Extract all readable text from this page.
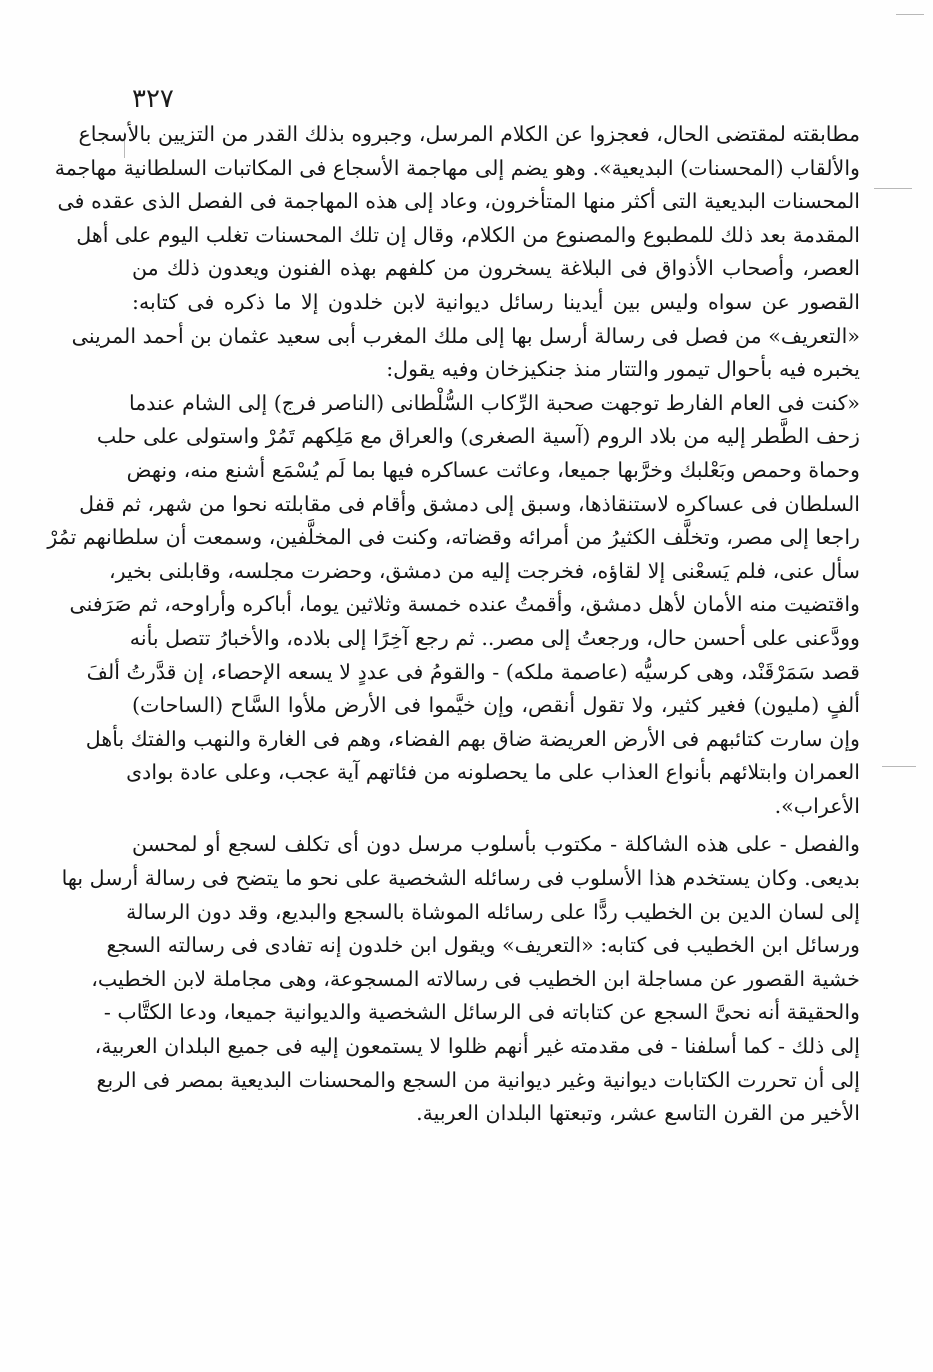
٣٢٧
مطابقته لمقتضى الحال، فعجزوا عن الكلام المرسل، وجبروه بذلك القدر من التزيين بالأسجاع
والألقاب (المحسنات) البديعية». وهو يضم إلى مهاجمة الأسجاع فى المكاتبات السلطانية مهاجمة
المحسنات البديعية التى أكثر منها المتأخرون، وعاد إلى هذه المهاجمة فى الفصل الذى عقده فى
المقدمة بعد ذلك للمطبوع والمصنوع من الكلام، وقال إن تلك المحسنات تغلب اليوم على أهل
العصر، وأصحاب الأذواق فى البلاغة يسخرون من كلفهم بهذه الفنون ويعدون ذلك من
القصور عن سواه وليس بين أيدينا رسائل ديوانية لابن خلدون إلا ما ذكره فى كتابه:
«التعريف» من فصل فى رسالة أرسل بها إلى ملك المغرب أبى سعيد عثمان بن أحمد المرينى
يخبره فيه بأحوال تيمور والتتار منذ جنكيزخان وفيه يقول:
«كنت فى العام الفارط توجهت صحبة الرِّكاب السُّلْطانى (الناصر فرج) إلى الشام عندما
زحف الطَّطر إليه من بلاد الروم (آسية الصغرى) والعراق مع مَلِكهم تَمُرْ واستولى على حلب
وحماة وحمص وبَعْلبك وخرَّبها جميعا، وعاثت عساكره فيها بما لَم يُسْمَع أشنع منه، ونهض
السلطان فى عساكره لاستنقاذها، وسبق إلى دمشق وأقام فى مقابلته نحوا من شهر، ثم قفل
راجعا إلى مصر، وتخلَّف الكثيرُ من أمرائه وقضاته، وكنت فى المخلَّفين، وسمعت أن سلطانهم تمُرْ
سأل عنى، فلم يَسعْنى إلا لقاؤه، فخرجت إليه من دمشق، وحضرت مجلسه، وقابلنى بخير،
واقتضيت منه الأمان لأهل دمشق، وأقمتُ عنده خمسة وثلاثين يوما، أباكره وأراوحه، ثم صَرَفنى
وودَّعنى على أحسن حال، ورجعتُ إلى مصر.. ثم رجع آخِرًا إلى بلاده، والأخبارُ تتصل بأنه
قصد سَمَرْقَنْد، وهى كرسيُّه (عاصمة ملكه) - والقومُ فى عددٍ لا يسعه الإحصاء، إن قدَّرتُ ألفَ
ألفٍ (مليون) فغير كثير، ولا تقول أنقص، وإن خيَّموا فى الأرض ملأوا السَّاح (الساحات)
وإن سارت كتائبهم فى الأرض العريضة ضاق بهم الفضاء، وهم فى الغارة والنهب والفتك بأهل
العمران وابتلائهم بأنواع العذاب على ما يحصلونه من فئاتهم آية عجب، وعلى عادة بوادى
الأعراب».
والفصل - على هذه الشاكلة - مكتوب بأسلوب مرسل دون أى تكلف لسجع أو لمحسن
بديعى. وكان يستخدم هذا الأسلوب فى رسائله الشخصية على نحو ما يتضح فى رسالة أرسل بها
إلى لسان الدين بن الخطيب ردًّا على رسائله الموشاة بالسجع والبديع، وقد دون الرسالة
ورسائل ابن الخطيب فى كتابه: «التعريف» ويقول ابن خلدون إنه تفادى فى رسالته السجع
خشية القصور عن مساجلة ابن الخطيب فى رسالاته المسجوعة، وهى مجاملة لابن الخطيب،
والحقيقة أنه نحىَّ السجع عن كتاباته فى الرسائل الشخصية والديوانية جميعا، ودعا الكتَّاب -
إلى ذلك - كما أسلفنا - فى مقدمته غير أنهم ظلوا لا يستمعون إليه فى جميع البلدان العربية،
إلى أن تحررت الكتابات ديوانية وغير ديوانية من السجع والمحسنات البديعية بمصر فى الربع
الأخير من القرن التاسع عشر، وتبعتها البلدان العربية.
